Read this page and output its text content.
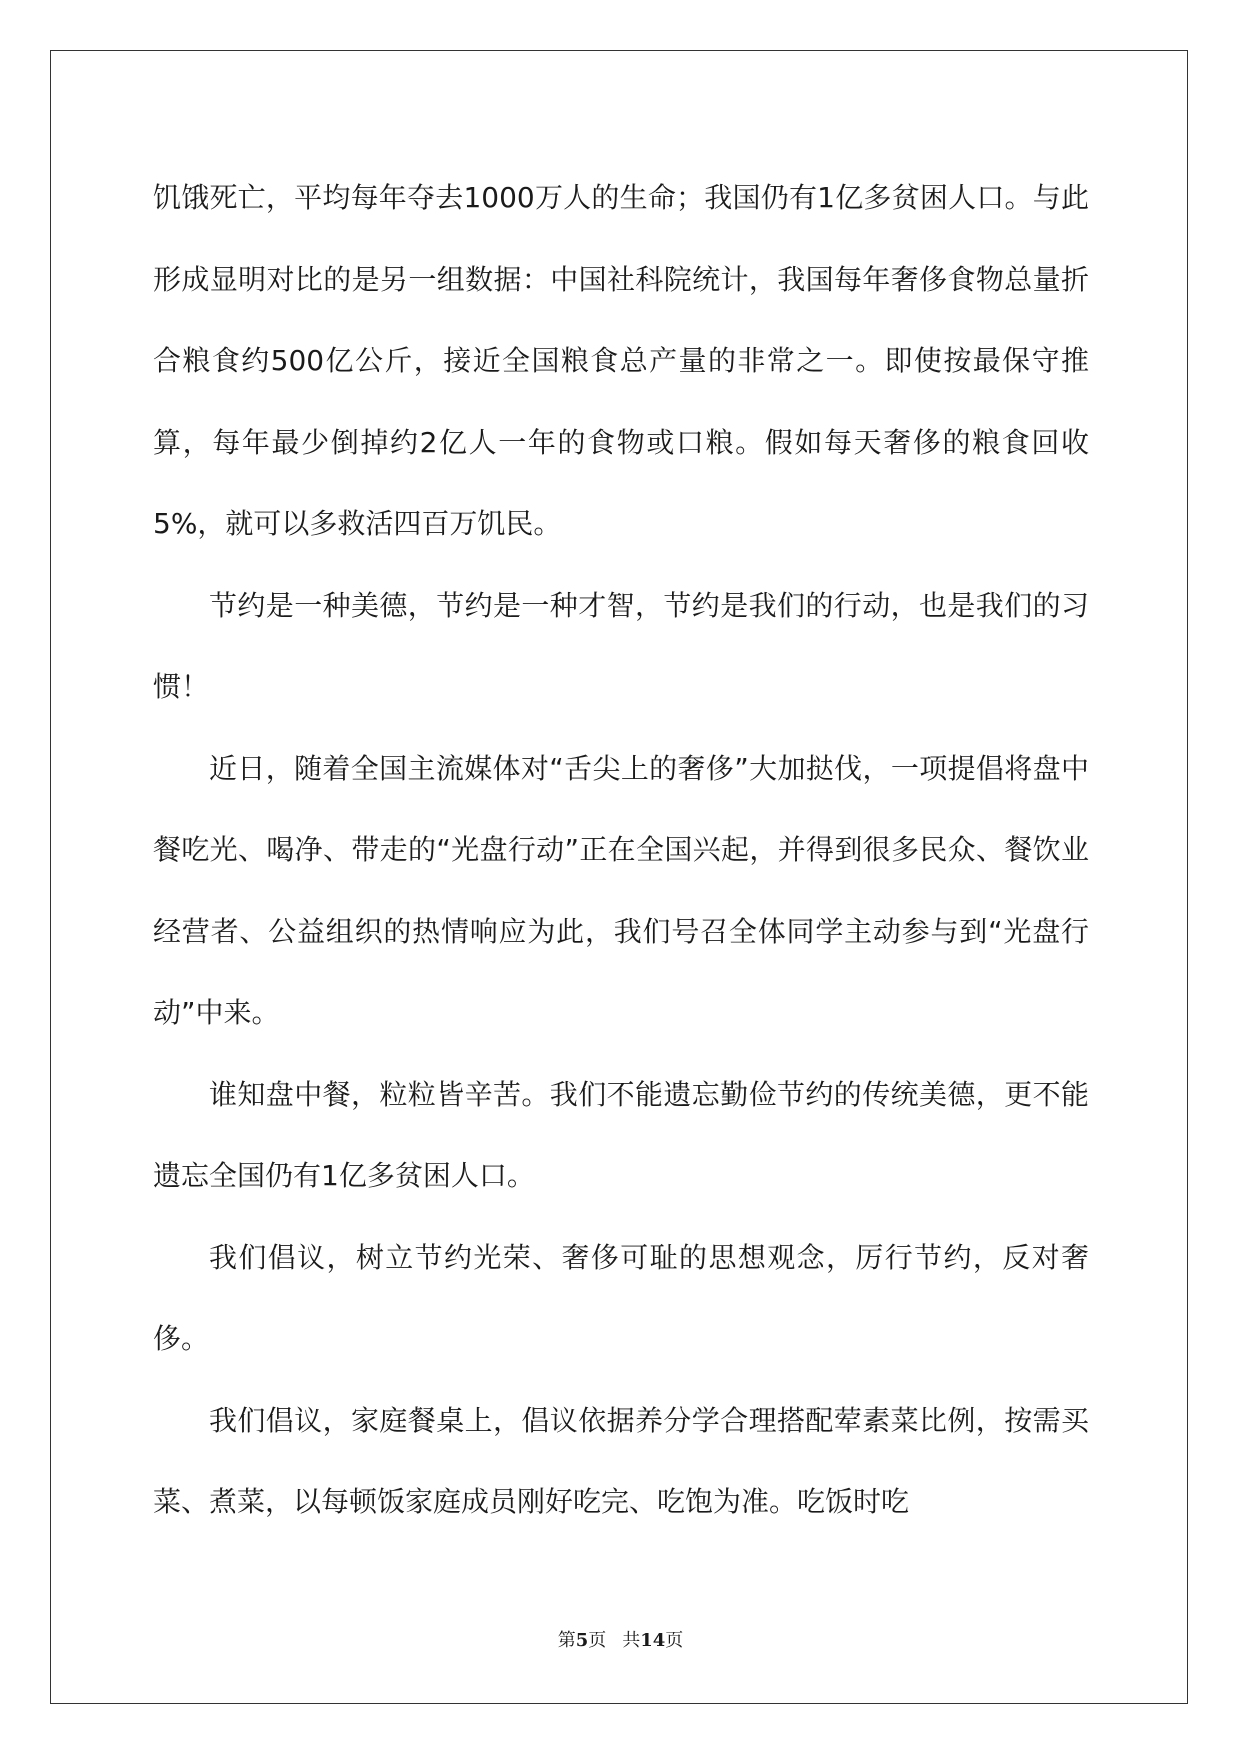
饥饿死亡，平均每年夺去1000万人的生命；我国仍有1亿多贫困人口。与此形成显明对比的是另一组数据：中国社科院统计，我国每年奢侈食物总量折合粮食约500亿公斤，接近全国粮食总产量的非常之一。即使按最保守推算，每年最少倒掉约2亿人一年的食物或口粮。假如每天奢侈的粮食回收5%，就可以多救活四百万饥民。

节约是一种美德，节约是一种才智，节约是我们的行动，也是我们的习惯！

近日，随着全国主流媒体对“舌尖上的奢侈”大加挞伐，一项提倡将盘中餐吃光、喝净、带走的“光盘行动”正在全国兴起，并得到很多民众、餐饮业经营者、公益组织的热情响应为此，我们号召全体同学主动参与到“光盘行动”中来。

谁知盘中餐，粒粒皆辛苦。我们不能遗忘勤俭节约的传统美德，更不能遗忘全国仍有1亿多贫困人口。

我们倡议，树立节约光荣、奢侈可耻的思想观念，厉行节约，反对奢侈。

我们倡议，家庭餐桌上，倡议依据养分学合理搭配荤素菜比例，按需买菜、煮菜，以每顿饭家庭成员刚好吃完、吃饱为准。吃饭时吃

第5页 共14页
